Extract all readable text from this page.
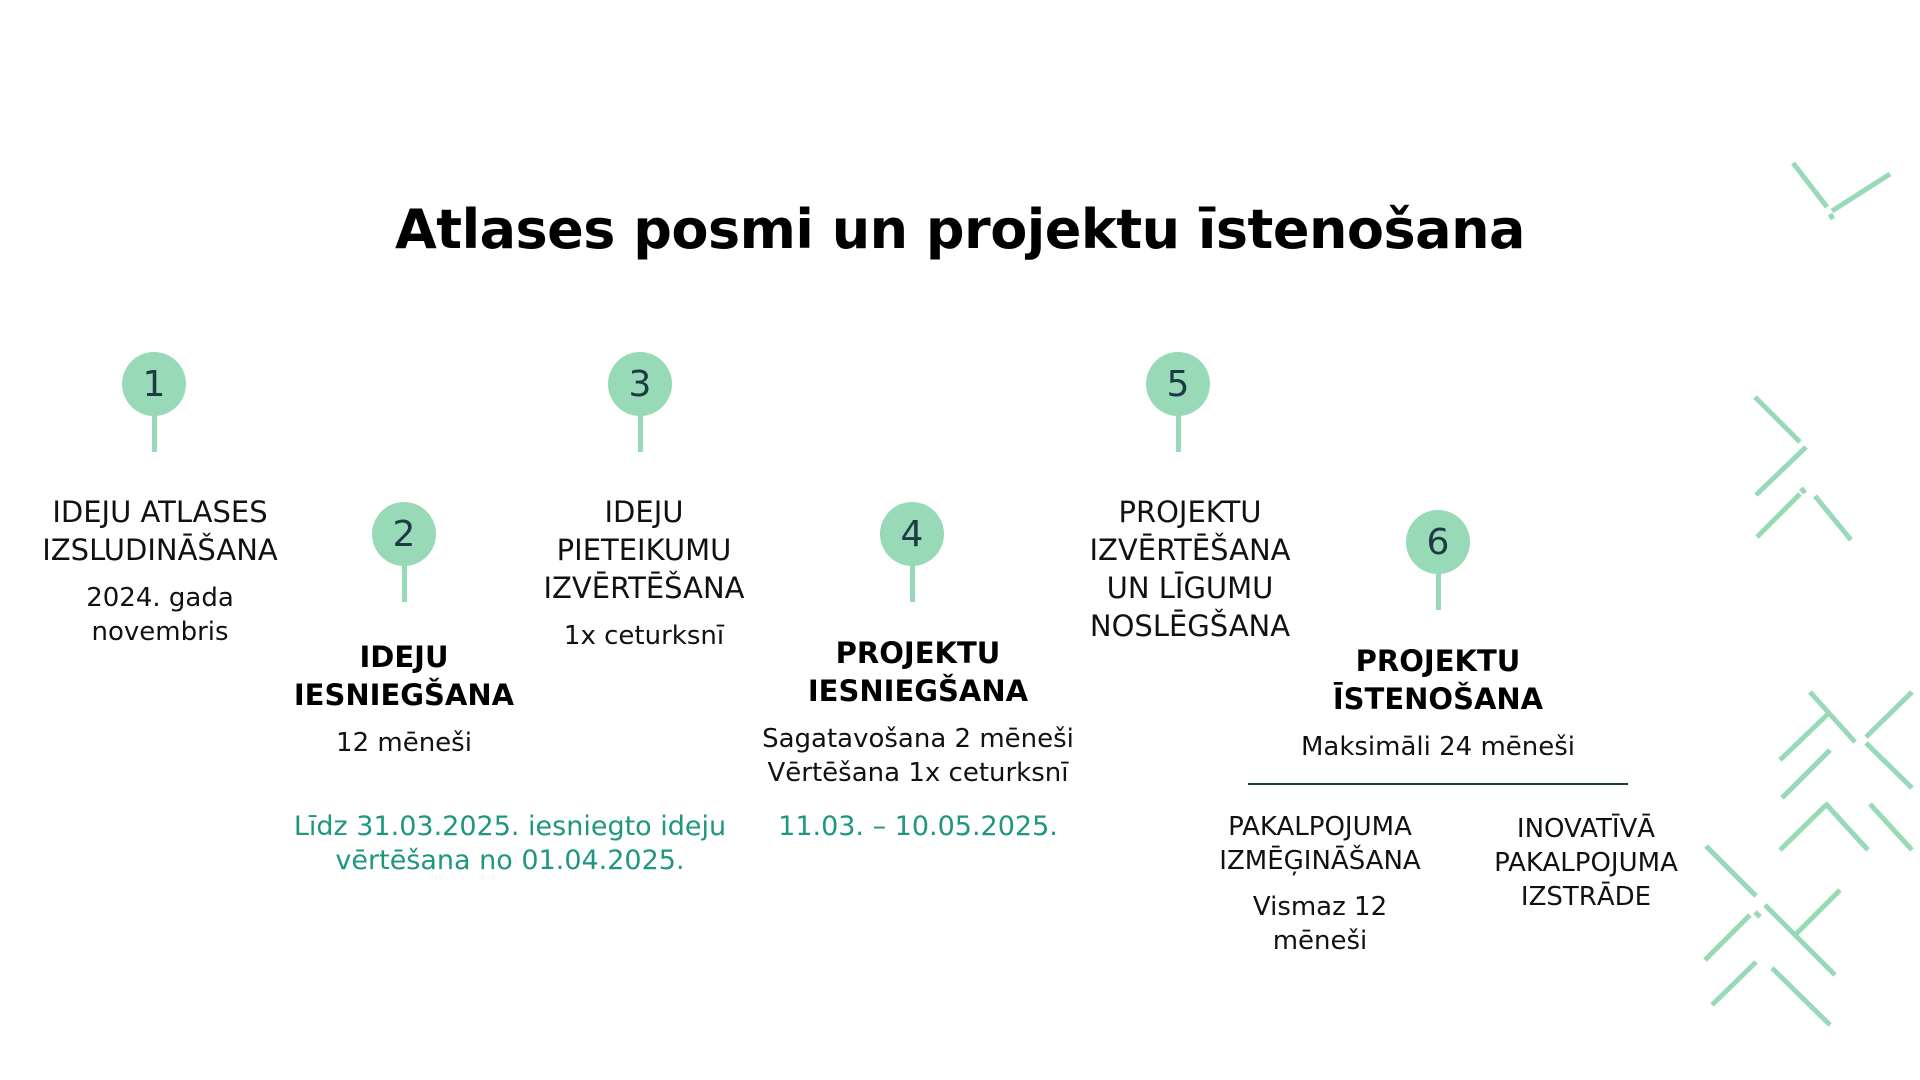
Atlases posmi un projektu īstenošana
1
IDEJU ATLASES
IZSLUDINĀŠANA
2024. gada
novembris
2
IDEJU
IESNIEGŠANA
12 mēneši
Līdz 31.03.2025. iesniegto ideju
vērtēšana no 01.04.2025.
3
IDEJU
PIETEIKUMU
IZVĒRTĒŠANA
1x ceturksnī
4
PROJEKTU
IESNIEGŠANA
Sagatavošana 2 mēneši
Vērtēšana 1x ceturksnī
11.03. – 10.05.2025.
5
PROJEKTU
IZVĒRTĒŠANA
UN LĪGUMU
NOSLĒGŠANA
6
PROJEKTU
ĪSTENOŠANA
Maksimāli 24 mēneši
PAKALPOJUMA
IZMĒĢINĀŠANA
Vismaz 12
mēneši
INOVATĪVĀ
PAKALPOJUMA
IZSTRĀDE
